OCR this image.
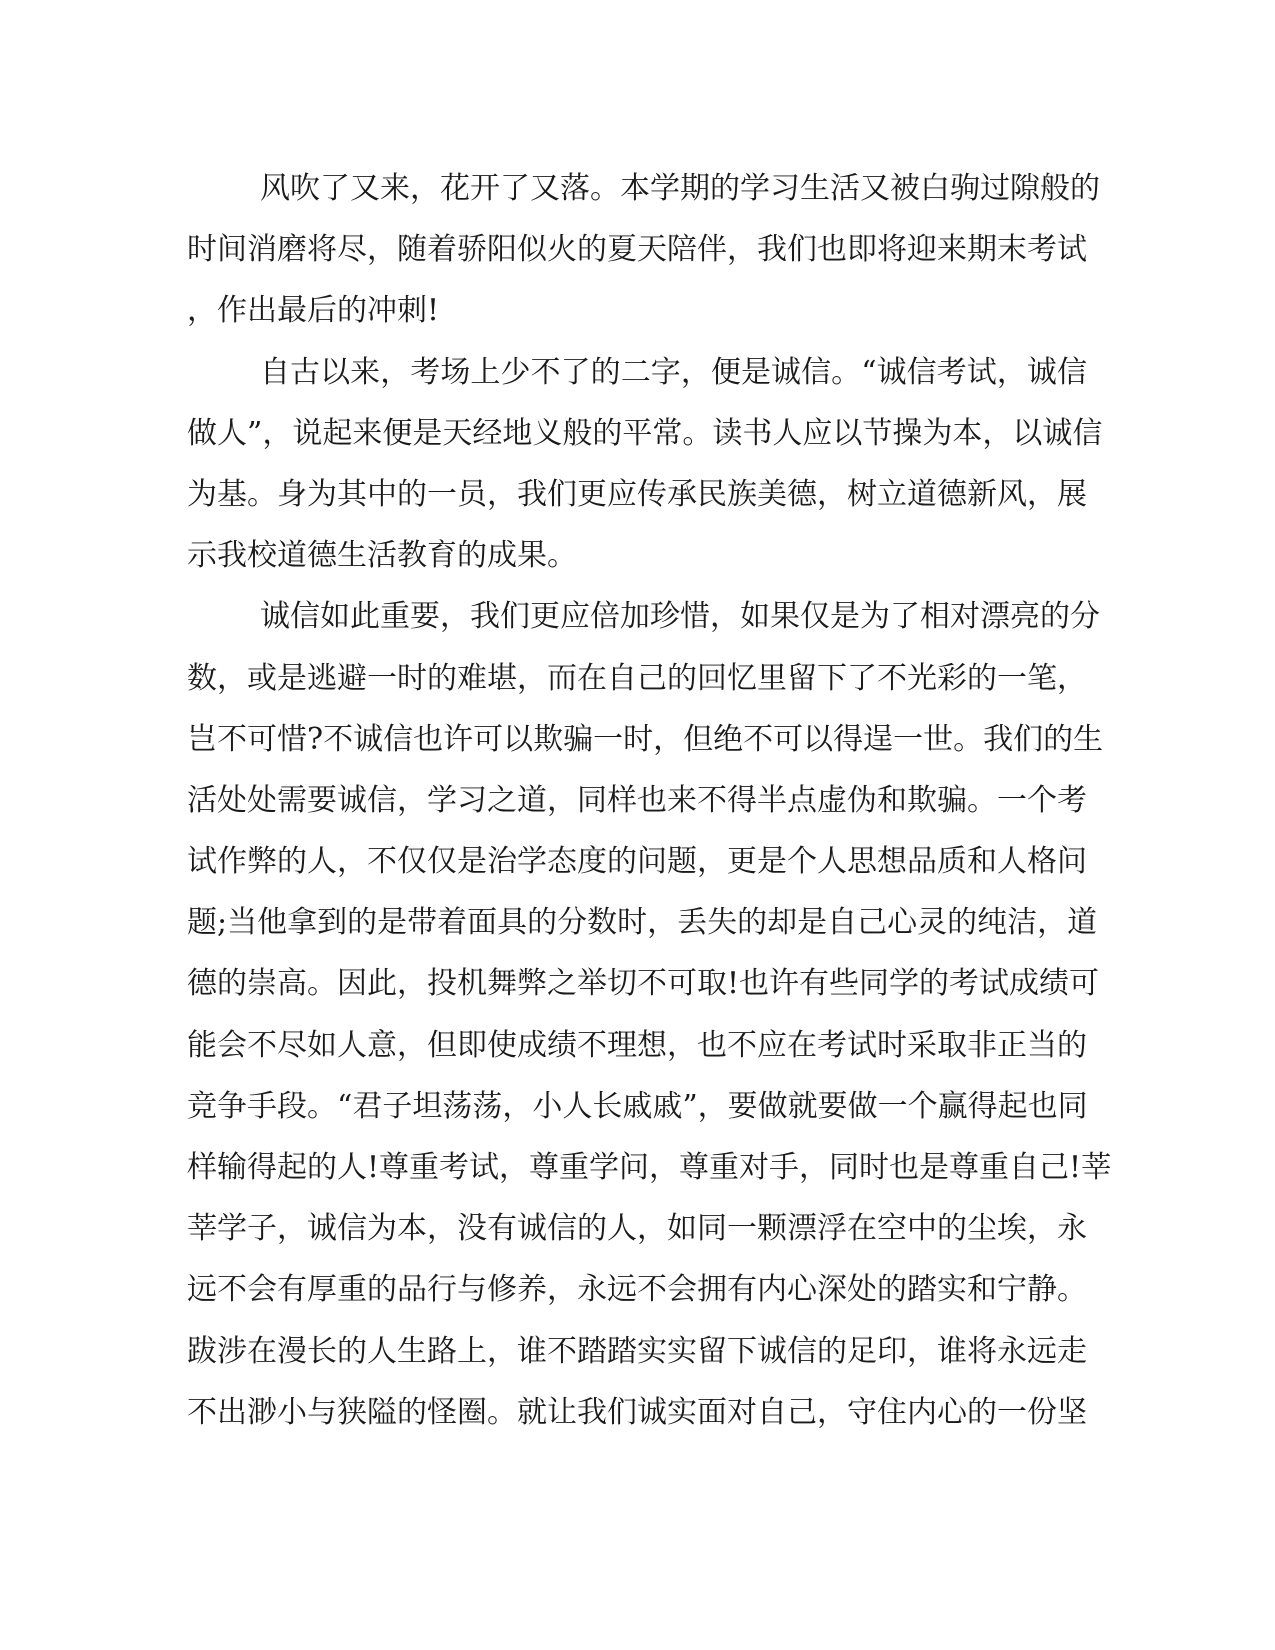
风吹了又来，花开了又落。本学期的学习生活又被白驹过隙般的
时间消磨将尽，随着骄阳似火的夏天陪伴，我们也即将迎来期末考试
，作出最后的冲刺!
自古以来，考场上少不了的二字，便是诚信。“诚信考试，诚信
做人”，说起来便是天经地义般的平常。读书人应以节操为本，以诚信
为基。身为其中的一员，我们更应传承民族美德，树立道德新风，展
示我校道德生活教育的成果。
诚信如此重要，我们更应倍加珍惜，如果仅是为了相对漂亮的分
数，或是逃避一时的难堪，而在自己的回忆里留下了不光彩的一笔，
岂不可惜?不诚信也许可以欺骗一时，但绝不可以得逞一世。我们的生
活处处需要诚信，学习之道，同样也来不得半点虚伪和欺骗。一个考
试作弊的人，不仅仅是治学态度的问题，更是个人思想品质和人格问
题;当他拿到的是带着面具的分数时，丢失的却是自己心灵的纯洁，道
德的崇高。因此，投机舞弊之举切不可取!也许有些同学的考试成绩可
能会不尽如人意，但即使成绩不理想，也不应在考试时采取非正当的
竞争手段。“君子坦荡荡，小人长戚戚”，要做就要做一个赢得起也同
样输得起的人!尊重考试，尊重学问，尊重对手，同时也是尊重自己!莘
莘学子，诚信为本，没有诚信的人，如同一颗漂浮在空中的尘埃，永
远不会有厚重的品行与修养，永远不会拥有内心深处的踏实和宁静。
跋涉在漫长的人生路上，谁不踏踏实实留下诚信的足印，谁将永远走
不出渺小与狭隘的怪圈。就让我们诚实面对自己，守住内心的一份坚
